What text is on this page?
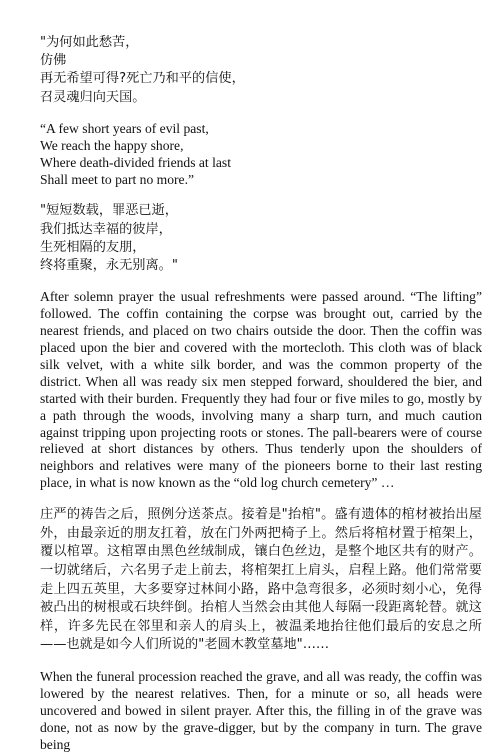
"为何如此愁苦，

仿佛

再无希望可得?死亡乃和平的信使，

召灵魂归向天国。

“A few short years of evil past,

We reach the happy shore,

Where death-divided friends at last

Shall meet to part no more.”

"短短数载，罪恶已逝，

我们抵达幸福的彼岸，

生死相隔的友朋，

终将重聚，永无别离。"

After solemn prayer the usual refreshments were passed around. “The lifting” followed. The coffin containing the corpse was brought out, carried by the nearest friends, and placed on two chairs outside the door. Then the coffin was placed upon the bier and covered with the mortecloth. This cloth was of black silk velvet, with a white silk border, and was the common property of the district. When all was ready six men stepped forward, shouldered the bier, and started with their burden. Frequently they had four or five miles to go, mostly by a path through the woods, involving many a sharp turn, and much caution against tripping upon projecting roots or stones. The pall-bearers were of course relieved at short distances by others. Thus tenderly upon the shoulders of neighbors and relatives were many of the pioneers borne to their last resting place, in what is now known as the “old log church cemetery” …

庄严的祷告之后，照例分送茶点。接着是"抬棺"。盛有遗体的棺材被抬出屋外，由最亲近的朋友扛着，放在门外两把椅子上。然后将棺材置于棺架上，覆以棺罩。这棺罩由黑色丝绒制成，镶白色丝边，是整个地区共有的财产。一切就绪后，六名男子走上前去，将棺架扛上肩头，启程上路。他们常常要走上四五英里，大多要穿过林间小路，路中急弯很多，必须时刻小心，免得被凸出的树根或石块绊倒。抬棺人当然会由其他人每隔一段距离轮替。就这样，许多先民在邻里和亲人的肩头上，被温柔地抬往他们最后的安息之所——也就是如今人们所说的"老圆木教堂墓地"……

When the funeral procession reached the grave, and all was ready, the coffin was lowered by the nearest relatives. Then, for a minute or so, all heads were uncovered and bowed in silent prayer. After this, the filling in of the grave was done, not as now by the grave-digger, but by the company in turn. The grave being
